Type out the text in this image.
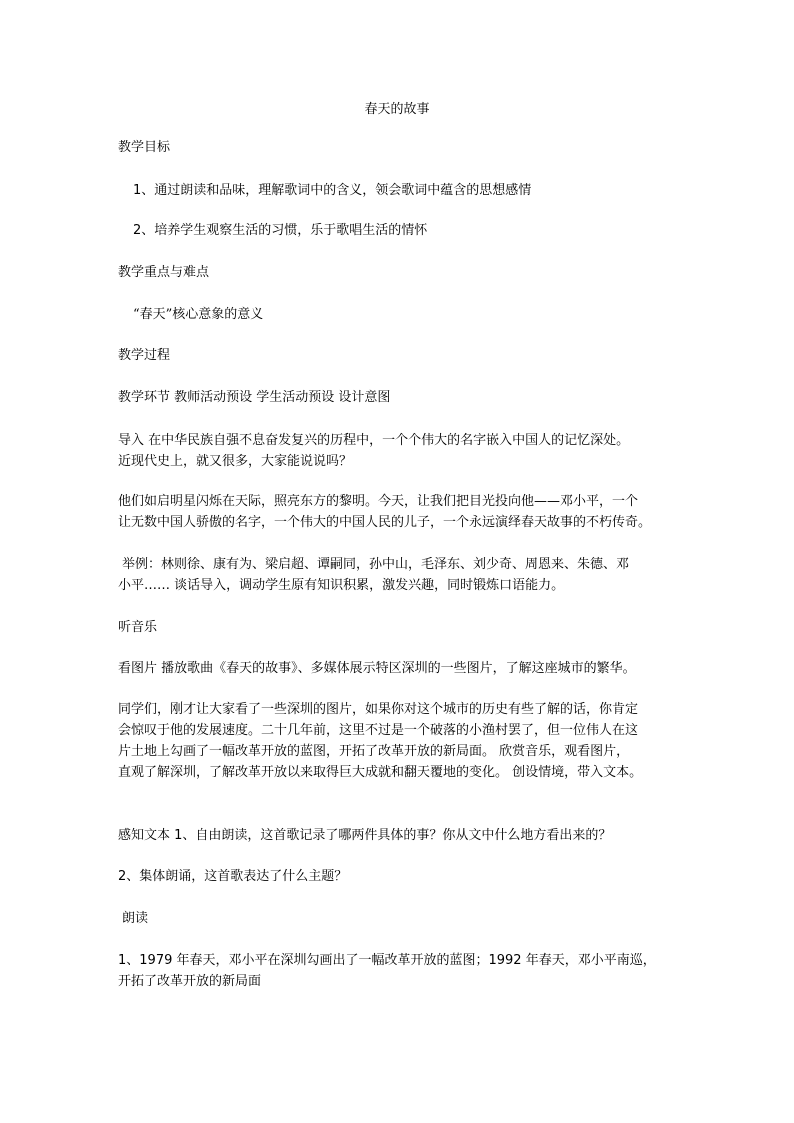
春天的故事
教学目标
1、通过朗读和品味，理解歌词中的含义，领会歌词中蕴含的思想感情
2、培养学生观察生活的习惯，乐于歌唱生活的情怀
教学重点与难点
“春天”核心意象的意义
教学过程
教学环节 教师活动预设 学生活动预设 设计意图
导入 在中华民族自强不息奋发复兴的历程中，一个个伟大的名字嵌入中国人的记忆深处。
近现代史上，就又很多，大家能说说吗？
他们如启明星闪烁在天际，照亮东方的黎明。今天，让我们把目光投向他——邓小平，一个
让无数中国人骄傲的名字，一个伟大的中国人民的儿子，一个永远演绎春天故事的不朽传奇。
举例：林则徐、康有为、梁启超、谭嗣同，孙中山，毛泽东、刘少奇、周恩来、朱德、邓
小平…… 谈话导入，调动学生原有知识积累，激发兴趣，同时锻炼口语能力。
听音乐
看图片 播放歌曲《春天的故事》、多媒体展示特区深圳的一些图片，了解这座城市的繁华。
同学们，刚才让大家看了一些深圳的图片，如果你对这个城市的历史有些了解的话，你肯定
会惊叹于他的发展速度。二十几年前，这里不过是一个破落的小渔村罢了，但一位伟人在这
片土地上勾画了一幅改革开放的蓝图，开拓了改革开放的新局面。 欣赏音乐，观看图片，
直观了解深圳，了解改革开放以来取得巨大成就和翻天覆地的变化。 创设情境，带入文本。
感知文本 1、自由朗读，这首歌记录了哪两件具体的事？你从文中什么地方看出来的？
2、集体朗诵，这首歌表达了什么主题？
朗读
1、1979 年春天，邓小平在深圳勾画出了一幅改革开放的蓝图；1992 年春天，邓小平南巡，
开拓了改革开放的新局面
